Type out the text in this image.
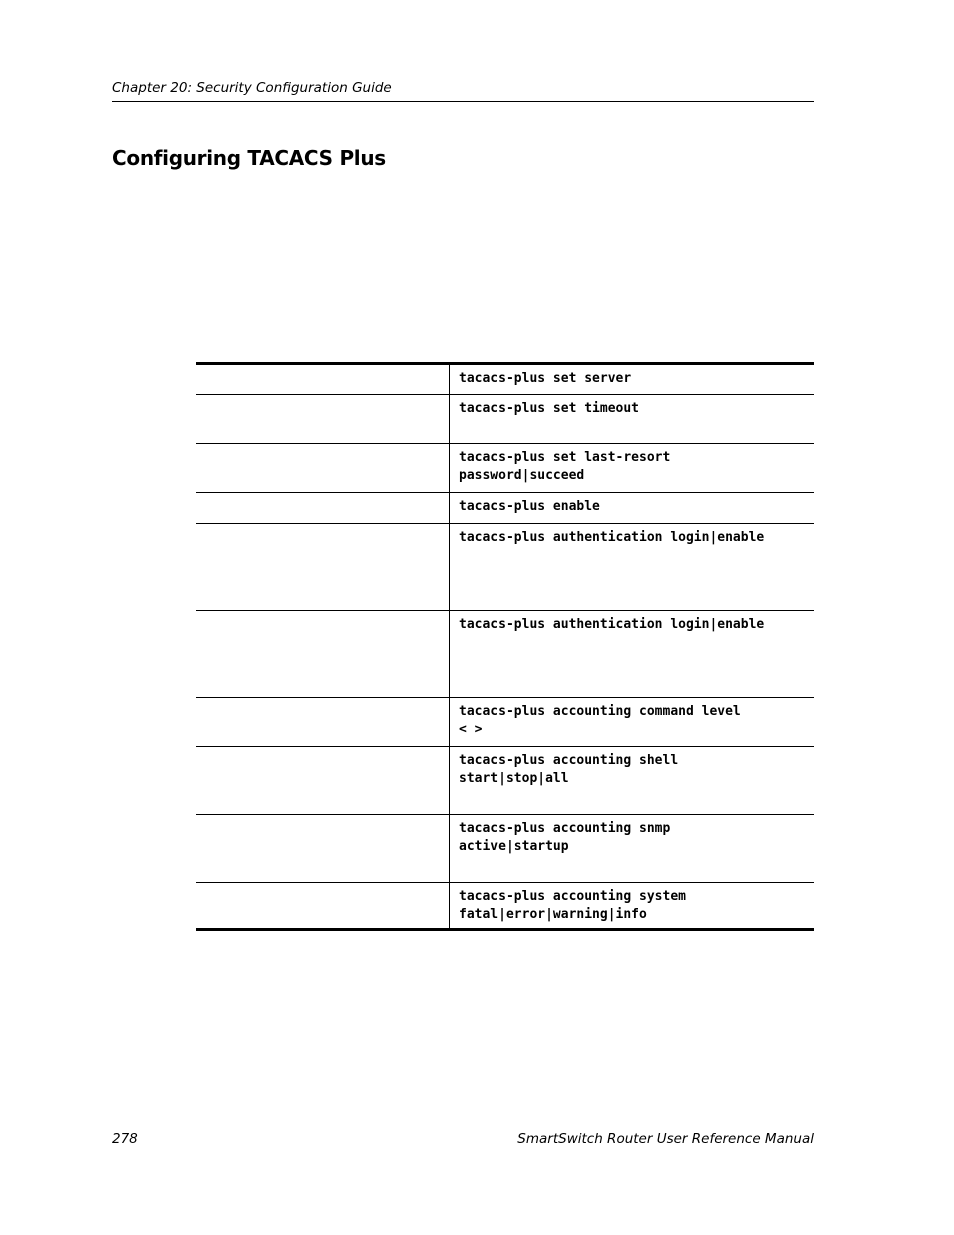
Chapter 20: Security Configuration Guide
Configuring TACACS Plus
	tacacs-plus set server
	tacacs-plus set timeout
	tacacs-plus set last-resort
password|succeed
	tacacs-plus enable
	tacacs-plus authentication login|enable
	tacacs-plus authentication login|enable
	tacacs-plus accounting command level
< >
	tacacs-plus accounting shell
start|stop|all
	tacacs-plus accounting snmp
active|startup
	tacacs-plus accounting system
fatal|error|warning|info
278	SmartSwitch Router User Reference Manual
